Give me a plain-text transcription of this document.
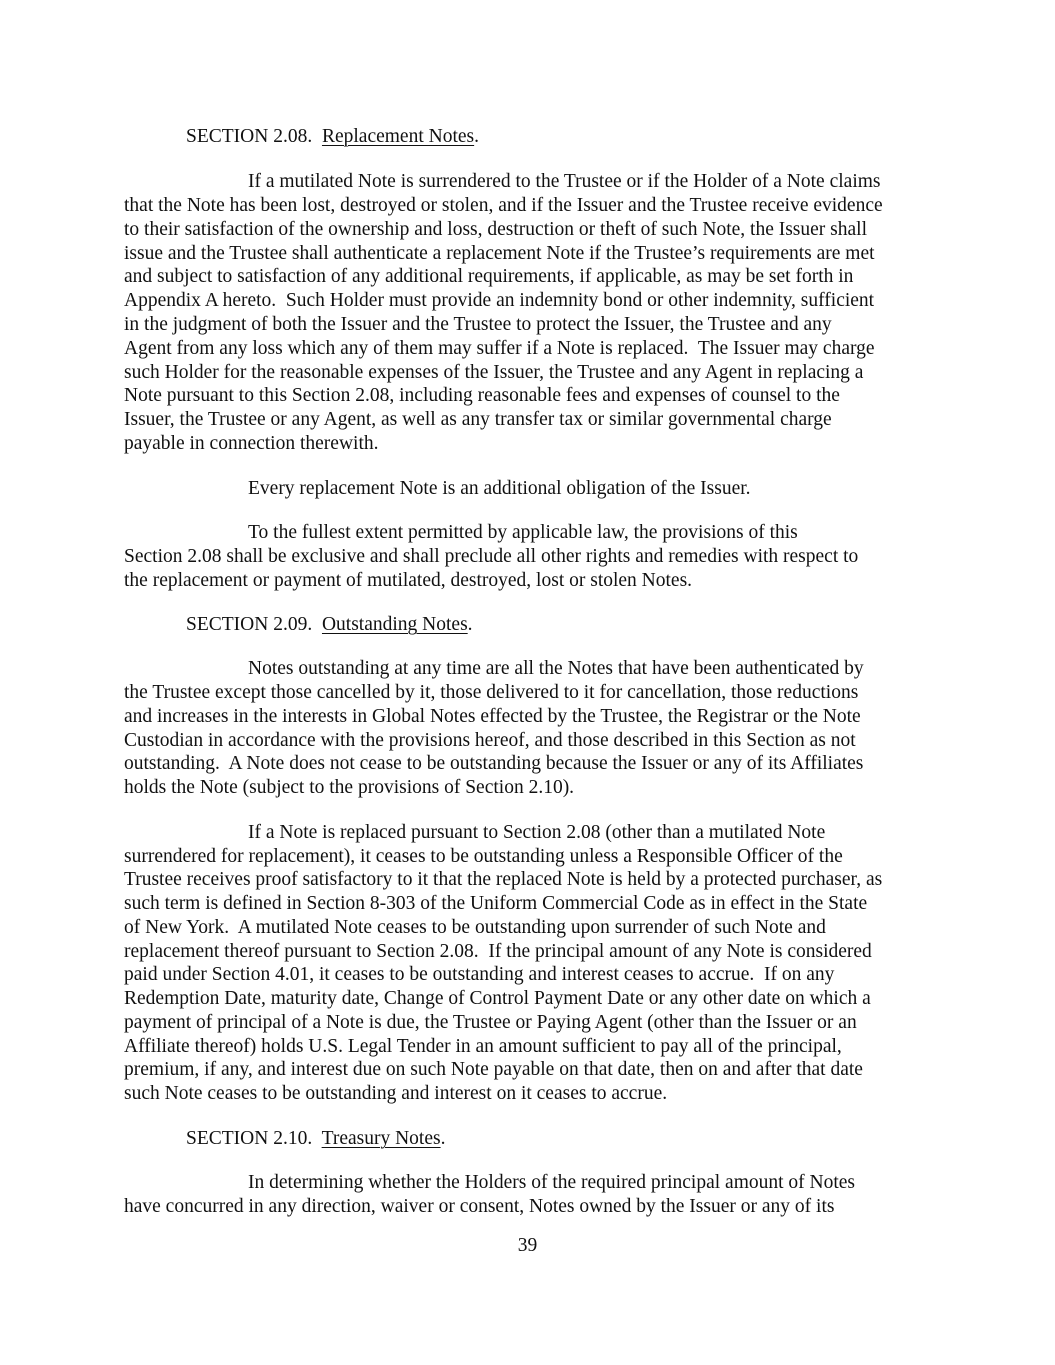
SECTION 2.08.  Replacement Notes.
If a mutilated Note is surrendered to the Trustee or if the Holder of a Note claims
that the Note has been lost, destroyed or stolen, and if the Issuer and the Trustee receive evidence
to their satisfaction of the ownership and loss, destruction or theft of such Note, the Issuer shall
issue and the Trustee shall authenticate a replacement Note if the Trustee’s requirements are met
and subject to satisfaction of any additional requirements, if applicable, as may be set forth in
Appendix A hereto.  Such Holder must provide an indemnity bond or other indemnity, sufficient
in the judgment of both the Issuer and the Trustee to protect the Issuer, the Trustee and any
Agent from any loss which any of them may suffer if a Note is replaced.  The Issuer may charge
such Holder for the reasonable expenses of the Issuer, the Trustee and any Agent in replacing a
Note pursuant to this Section 2.08, including reasonable fees and expenses of counsel to the
Issuer, the Trustee or any Agent, as well as any transfer tax or similar governmental charge
payable in connection therewith.
Every replacement Note is an additional obligation of the Issuer.
To the fullest extent permitted by applicable law, the provisions of this
Section 2.08 shall be exclusive and shall preclude all other rights and remedies with respect to
the replacement or payment of mutilated, destroyed, lost or stolen Notes.
SECTION 2.09.  Outstanding Notes.
Notes outstanding at any time are all the Notes that have been authenticated by
the Trustee except those cancelled by it, those delivered to it for cancellation, those reductions
and increases in the interests in Global Notes effected by the Trustee, the Registrar or the Note
Custodian in accordance with the provisions hereof, and those described in this Section as not
outstanding.  A Note does not cease to be outstanding because the Issuer or any of its Affiliates
holds the Note (subject to the provisions of Section 2.10).
If a Note is replaced pursuant to Section 2.08 (other than a mutilated Note
surrendered for replacement), it ceases to be outstanding unless a Responsible Officer of the
Trustee receives proof satisfactory to it that the replaced Note is held by a protected purchaser, as
such term is defined in Section 8-303 of the Uniform Commercial Code as in effect in the State
of New York.  A mutilated Note ceases to be outstanding upon surrender of such Note and
replacement thereof pursuant to Section 2.08.  If the principal amount of any Note is considered
paid under Section 4.01, it ceases to be outstanding and interest ceases to accrue.  If on any
Redemption Date, maturity date, Change of Control Payment Date or any other date on which a
payment of principal of a Note is due, the Trustee or Paying Agent (other than the Issuer or an
Affiliate thereof) holds U.S. Legal Tender in an amount sufficient to pay all of the principal,
premium, if any, and interest due on such Note payable on that date, then on and after that date
such Note ceases to be outstanding and interest on it ceases to accrue.
SECTION 2.10.  Treasury Notes.
In determining whether the Holders of the required principal amount of Notes
have concurred in any direction, waiver or consent, Notes owned by the Issuer or any of its
39
